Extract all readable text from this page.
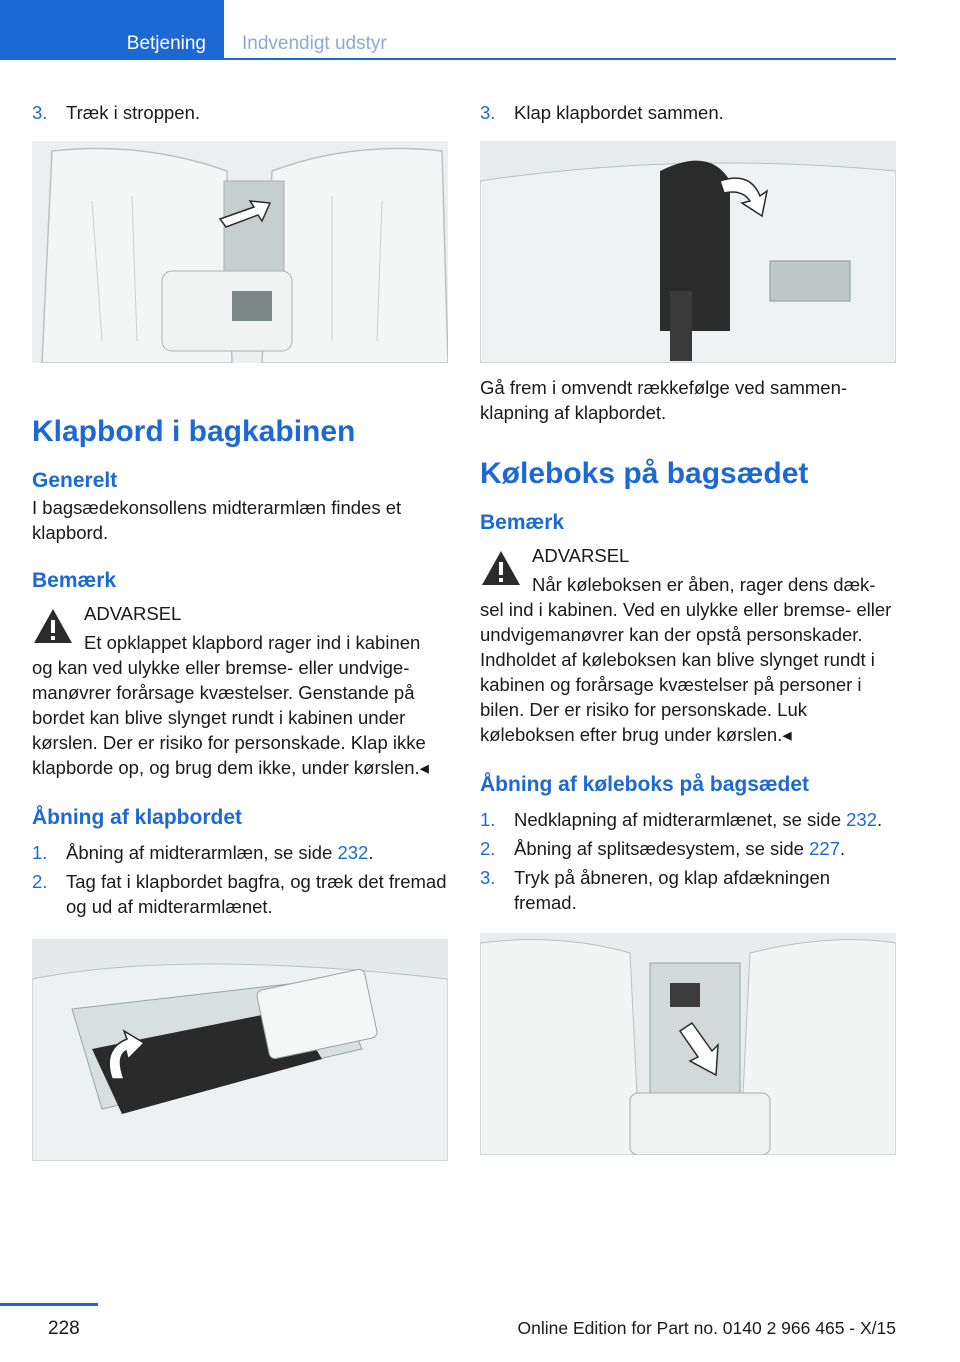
Betjening	Indvendigt udstyr
3.	Træk i stroppen.
Klapbord i bagkabinen
Generelt

I bagsædekonsollens midterarmlæn findes et klapbord.

Bemærk
ADVARSEL
Et opklappet klapbord rager ind i kabinen
og kan ved ulykke eller bremse- eller undvigemanøvrer forårsage kvæstelser. Genstande på bordet kan blive slynget rundt i kabinen under kørslen. Der er risiko for personskade. Klap ikke klapborde op, og brug dem ikke, under kørslen.◂
Åbning af klapbordet
1.	Åbning af midterarmlæn, se side 232.
2.	Tag fat i klapbordet bagfra, og træk det fremad og ud af midterarmlænet.
3.	Klap klapbordet sammen.

Gå frem i omvendt rækkefølge ved sammenklapning af klapbordet.

Køleboks på bagsædet
Bemærk
ADVARSEL
Når køleboksen er åben, rager dens dæk-
sel ind i kabinen. Ved en ulykke eller bremse- eller undvigemanøvrer kan der opstå personskader. Indholdet af køleboksen kan blive slynget rundt i kabinen og forårsage kvæstelser på personer i bilen. Der er risiko for personskade. Luk køleboksen efter brug under kørslen.◂
Åbning af køleboks på bagsædet
1.	Nedklapning af midterarmlænet, se side 232.
2.	Åbning af splitsædesystem, se side 227.
3.	Tryk på åbneren, og klap afdækningen fremad.
228	Online Edition for Part no. 0140 2 966 465 - X/15
